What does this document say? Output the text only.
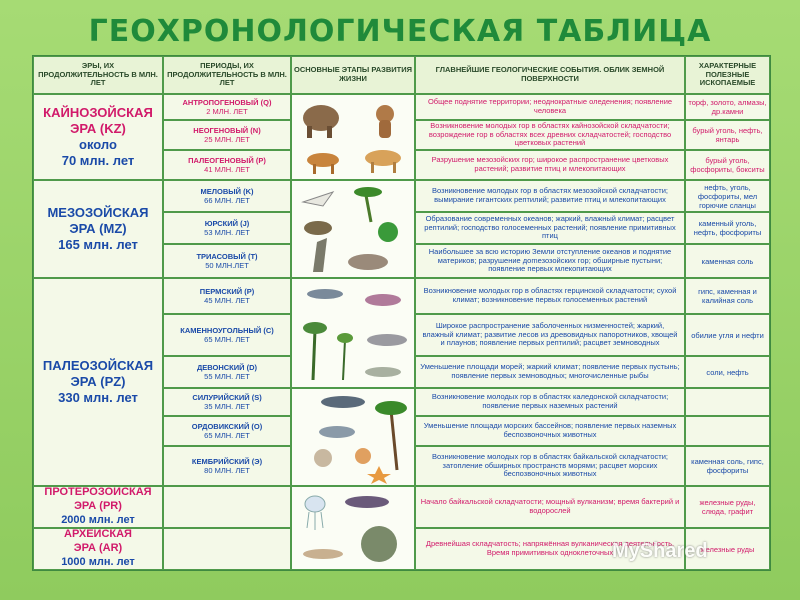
ГЕОХРОНОЛОГИЧЕСКАЯ ТАБЛИЦА
ЭРЫ, ИХ ПРОДОЛЖИТЕЛЬНОСТЬ В МЛН. ЛЕТ
ПЕРИОДЫ, ИХ ПРОДОЛЖИТЕЛЬНОСТЬ В МЛН. ЛЕТ
ОСНОВНЫЕ ЭТАПЫ РАЗВИТИЯ ЖИЗНИ
ГЛАВНЕЙШИЕ ГЕОЛОГИЧЕСКИЕ СОБЫТИЯ. ОБЛИК ЗЕМНОЙ ПОВЕРХНОСТИ
ХАРАКТЕРНЫЕ ПОЛЕЗНЫЕ ИСКОПАЕМЫЕ
КАЙНОЗОЙСКАЯ
ЭРА (KZ)
около
70 млн. лет
МЕЗОЗОЙСКАЯ
ЭРА (MZ)
165 млн. лет
ПАЛЕОЗОЙСКАЯ
ЭРА (PZ)
330 млн. лет
ПРОТЕРОЗОЙСКАЯ
ЭРА (PR)
2000 млн. лет
АРХЕЙСКАЯ
ЭРА (AR)
1000 млн. лет
АНТРОПОГЕНОВЫЙ (Q)
2 МЛН. ЛЕТ
НЕОГЕНОВЫЙ (N)
25 МЛН. ЛЕТ
ПАЛЕОГЕНОВЫЙ (P)
41 МЛН. ЛЕТ
МЕЛОВЫЙ (K)
66 МЛН. ЛЕТ
ЮРСКИЙ (J)
53 МЛН. ЛЕТ
ТРИАСОВЫЙ (T)
50 МЛН.ЛЕТ
ПЕРМСКИЙ (P)
45 МЛН. ЛЕТ
КАМЕННОУГОЛЬНЫЙ (C)
65 МЛН. ЛЕТ
ДЕВОНСКИЙ (D)
55 МЛН. ЛЕТ
СИЛУРИЙСКИЙ (S)
35 МЛН. ЛЕТ
ОРДОВИКСКИЙ (O)
65 МЛН. ЛЕТ
КЕМБРИЙСКИЙ (Э)
80 МЛН. ЛЕТ
Общее поднятие территории; неоднократные оледенения; появление человека
Возникновение молодых гор в областях кайнозойской складчатости; возрождение гор в областях всех древних складчатостей; господство цветковых растений
Разрушение мезозойских гор; широкое распространение цветковых растений; развитие птиц и млекопитающих
Возникновение молодых гор в областях мезозойской складчатости; вымирание гигантских рептилий; развитие птиц и млекопитающих
Образование современных океанов; жаркий, влажный климат; расцвет рептилий; господство голосеменных растений; появление примитивных птиц
Наибольшее за всю историю Земли отступление океанов и поднятие материков; разрушение доmезозойских гор; обширные пустыни; появление первых млекопитающих
Возникновение молодых гор в областях герцинской складчатости; сухой климат; возникновение первых голосеменных растений
Широкое распространение заболоченных низменностей; жаркий, влажный климат; развитие лесов из древовидных папоротников, хвощей и плаунов; появление первых рептилий; расцвет земноводных
Уменьшение площади морей; жаркий климат; появление первых пустынь; появление первых земноводных; многочисленные рыбы
Возникновение молодых гор в областях каледонской складчатости; появление первых наземных растений
Уменьшение площади морских бассейнов; появление первых наземных беспозвоночных животных
Возникновение молодых гор в областях байкальской складчатости; затопление обширных пространств морями; расцвет морских беспозвоночных животных
Начало байкальской складчатости; мощный вулканизм; время бактерий и водорослей
Древнейшая складчатость; напряжённая вулканическая деятельность. Время примитивных одноклеточных
торф, золото, алмазы, др.камни
бурый уголь, нефть, янтарь
бурый уголь, фосфориты, бокситы
нефть, уголь, фосфориты, мел горючие сланцы
каменный уголь, нефть, фосфориты
каменная соль
гипс, каменная и калийная соль
обилие угля и нефти
соли, нефть
каменная соль, гипс, фосфориты
железные руды, слюда, графит
железные руды
MyShared
